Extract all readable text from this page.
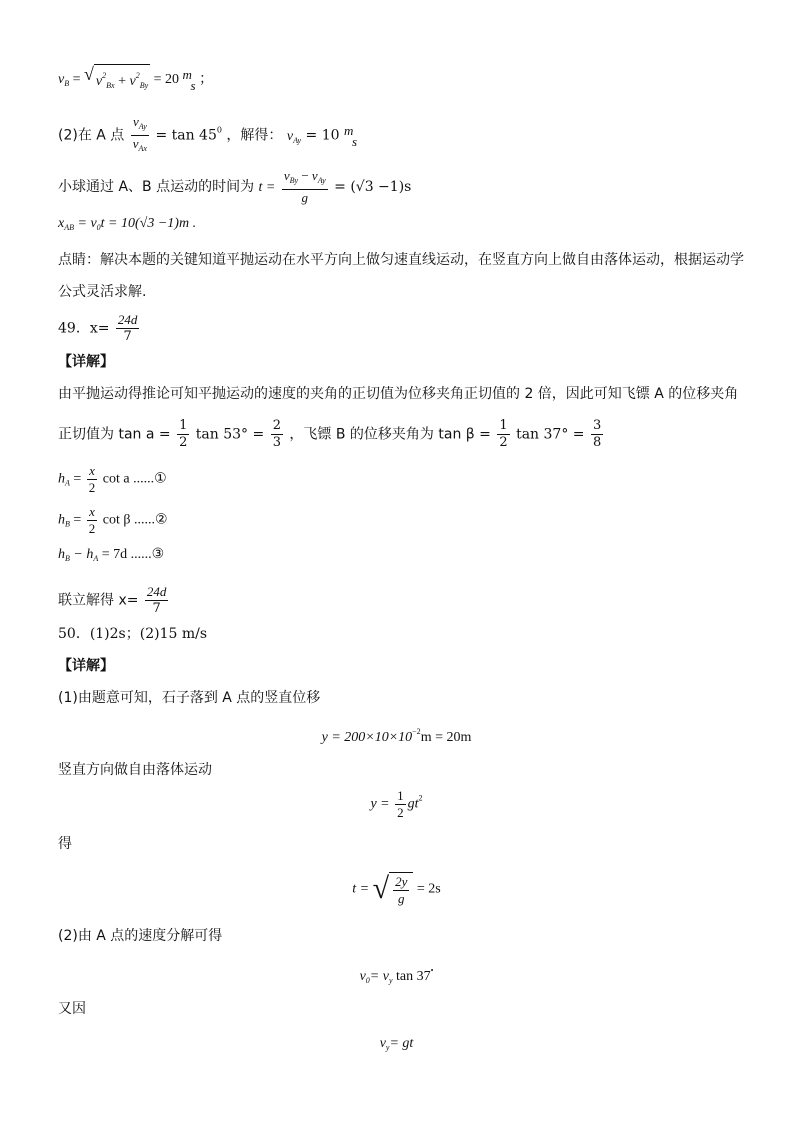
$v_B$ = √ $v^2_{Bx} + v^2_{By} = 20$ m
s ；
(2)在 A 点 $\frac{v_{Ay}}{v_{Ax}} = \tan 45^0$ ，解得： $v_{Ay} = 10$ m
s
小球通过 A、B 点运动的时间为 $t = \frac{v_{By} - v_{Ay}}{g} = (√3 -1)s$
$x_{AB} = v_0t = 10(√3 -1)m$ .
点睛：解决本题的关键知道平抛运动在水平方向上做匀速直线运动，在竖直方向上做自由落体运动，根据运动学
公式灵活求解.
49．$x= \frac{24d}{7}$
【详解】
由平抛运动得推论可知平抛运动的速度的夹角的正切值为位移夹角正切值的 2 倍，因此可知飞镖 A 的位移夹角
正切值为 $\tan a = \frac{1}{2}$ $\tan 53^\circ = \frac{2}{3}$ ，飞镖 B 的位移夹角为 $\tan \beta = \frac{1}{2}$ $\tan 37^\circ = \frac{3}{8}$
$h_A = \frac{x}{2}$ cot a ......①
$h_B = \frac{x}{2}$ cot β ......②
$h_B - h_A = 7d$ ......③
联立解得 $x= \frac{24d}{7}$
50．(1)2s；(2)15 m/s
【详解】
(1)由题意可知，石子落到 A 点的竖直位移
$y = 200\times 10\times 10^{-2}m = 20m$
竖直方向做自由落体运动
$y = \frac{1}{2} gt^2$
得
t = √ $\frac{2y}{g} = 2s$
(2)由 A 点的速度分解可得
$v_0= v_y$ tan 37•
又因
$v_y=$ gt
